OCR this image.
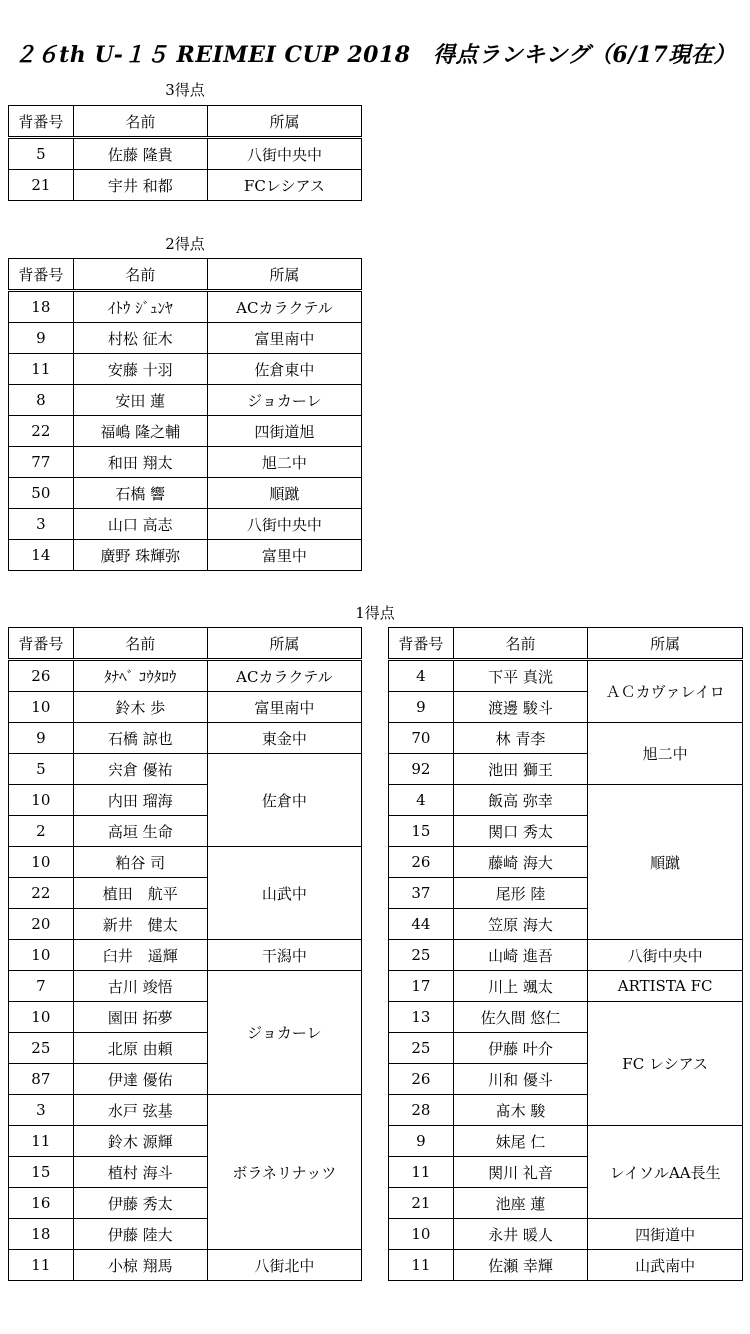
２６th U-１５ REIMEI CUP 2018　得点ランキング（6/17現在）
3得点
背番号	名前	所属
5	佐藤 隆貴	八街中央中
21	宇井 和都	FCレシアス
2得点
背番号	名前	所属
18	ｲﾄｳ ｼﾞｭﾝﾔ	ACカラクテル
9	村松 征木	富里南中
11	安藤 十羽	佐倉東中
8	安田 蓮	ジョカーレ
22	福嶋 隆之輔	四街道旭
77	和田 翔太	旭二中
50	石槗 響	順蹴
3	山口 高志	八街中央中
14	廣野 珠輝弥	富里中
1得点
背番号	名前	所属
26	ﾀﾅﾍﾞ ｺｳﾀﾛｳ	ACカラクテル
10	鈴木 歩	富里南中
9	石橋 諒也	東金中
5	宍倉 優祐	佐倉中
10	内田 瑠海	
2	高垣 生命	
10	粕谷 司	山武中
22	植田　航平	
20	新井　健太	
10	臼井　遥輝	干潟中
7	古川 竣悟	ジョカーレ
10	園田 拓夢	
25	北原 由頼	
87	伊達 優佑	
3	水戸 弦基	ボラネリナッツ
11	鈴木 源輝	
15	植村 海斗	
16	伊藤 秀太	
18	伊藤 陸大	
11	小椋 翔馬	八街北中
背番号	名前	所属
4	下平 真洸	ＡＣカヴァレイロ
9	渡邊 駿斗	
70	林 青李	旭二中
92	池田 獅王	
4	飯高 弥幸	順蹴
15	関口 秀太	
26	藤崎 海大	
37	尾形 陸	
44	笠原 海大	
25	山崎 進吾	八街中央中
17	川上 颯太	ARTISTA FC
13	佐久間 悠仁	FC レシアス
25	伊藤 叶介	
26	川和 優斗	
28	髙木 駿	
9	妹尾 仁	レイソルAA長生
11	関川 礼音	
21	池座 蓮	
10	永井 暖人	四街道中
11	佐瀬 幸輝	山武南中
